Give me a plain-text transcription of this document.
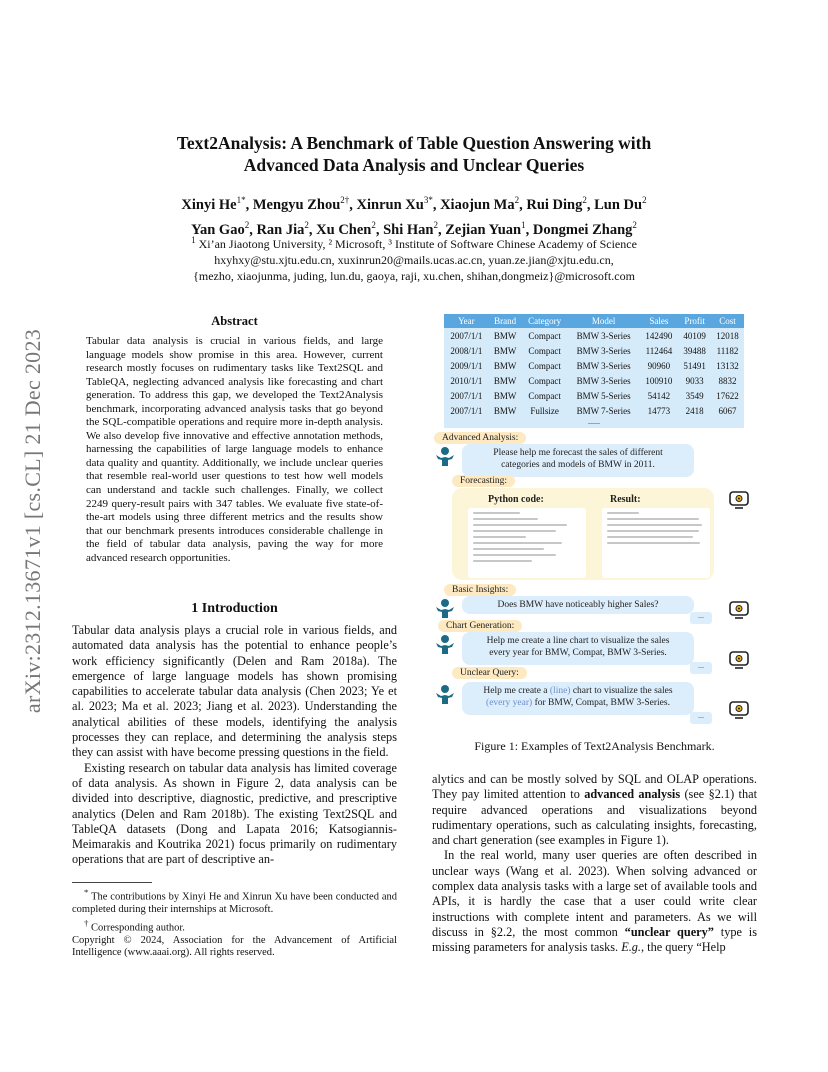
arXiv:2312.13671v1 [cs.CL] 21 Dec 2023
Text2Analysis: A Benchmark of Table Question Answering with
Advanced Data Analysis and Unclear Queries
Xinyi $He^{1*}$, Mengyu Zhou$^{2\dagger}$, Xinrun $Xu^{3*}$, Xiaojun Ma$^2$, Rui Ding$^2$, Lun Du$^2$
Yan Gao$^2$, Ran Jia$^2$, Xu Chen$^2$, Shi Han$^2$, Zejian Yuan$^1$, Dongmei Zhang$^2$
$^1$ Xi’an Jiaotong University, ² Microsoft, ³ Institute of Software Chinese Academy of Science
hxyhxy@stu.xjtu.edu.cn, xuxinrun20@mails.ucas.ac.cn, yuan.ze.jian@xjtu.edu.cn,
{mezho, xiaojunma, juding, lun.du, gaoya, raji, xu.chen, shihan,dongmeiz}@microsoft.com
Abstract
Tabular data analysis is crucial in various fields, and large language models show promise in this area. However, current research mostly focuses on rudimentary tasks like Text2SQL and TableQA, neglecting advanced analysis like forecasting and chart generation. To address this gap, we developed the Text2Analysis benchmark, incorporating advanced analysis tasks that go beyond the SQL-compatible operations and require more in-depth analysis. We also develop five innovative and effective annotation methods, harnessing the capabilities of large language models to enhance data quality and quantity. Additionally, we include unclear queries that resemble real-world user questions to test how well models can understand and tackle such challenges. Finally, we collect 2249 query-result pairs with 347 tables. We evaluate five state-of-the-art models using three different metrics and the results show that our benchmark presents introduces considerable challenge in the field of tabular data analysis, paving the way for more advanced research opportunities.
1 Introduction

Tabular data analysis plays a crucial role in various fields, and automated data analysis has the potential to enhance people’s work efficiency significantly (Delen and Ram 2018a). The emergence of large language models has shown promising capabilities to accelerate tabular data analysis (Chen 2023; Ye et al. 2023; Ma et al. 2023; Jiang et al. 2023). Understanding the analytical abilities of these models, identifying the analysis processes they can replace, and determining the analysis steps they can assist with have become pressing questions in the field.

Existing research on tabular data analysis has limited coverage of data analysis. As shown in Figure 2, data analysis can be divided into descriptive, diagnostic, predictive, and prescriptive analytics (Delen and Ram 2018b). The existing Text2SQL and TableQA datasets (Dong and Lapata 2016; Katsogiannis-Meimarakis and Koutrika 2021) focus primarily on rudimentary operations that are part of descriptive an-

* The contributions by Xinyi He and Xinrun Xu have been conducted and completed during their internships at Microsoft.

† Corresponding author.

Copyright © 2024, Association for the Advancement of Artificial Intelligence (www.aaai.org). All rights reserved.

alytics and can be mostly solved by SQL and OLAP operations. They pay limited attention to advanced analysis (see §2.1) that require advanced operations and visualizations beyond rudimentary operations, such as calculating insights, forecasting, and chart generation (see examples in Figure 1).

In the real world, many user queries are often described in unclear ways (Wang et al. 2023). When solving advanced or complex data analysis tasks with a large set of available tools and APIs, it is hardly the case that a user could write clear instructions with complete intent and parameters. As we will discuss in §2.2, the most common “unclear query” type is missing parameters for analysis tasks. E.g., the query “Help

Year	Brand	Category	Model	Sales	Profit	Cost
2007/1/1	BMW	Compact	BMW 3-Series	142490	40109	12018
2008/1/1	BMW	Compact	BMW 3-Series	112464	39488	11182
2009/1/1	BMW	Compact	BMW 3-Series	90960	51491	13132
2010/1/1	BMW	Compact	BMW 3-Series	100910	9033	8832
2007/1/1	BMW	Compact	BMW 5-Series	54142	3549	17622
2007/1/1	BMW	Fullsize	BMW 7-Series	14773	2418	6067
......
Advanced Analysis:
Please help me forecast the sales of different
categories and models of BMW in 2011.
Forecasting:
Python code:	Result:
Basic Insights:
Does BMW have noticeably higher Sales?
...
Chart Generation:
Help me create a line chart to visualize the sales
every year for BMW, Compat, BMW 3-Series.
...
Unclear Query:
Help me create a (line) chart to visualize the sales
(every year) for BMW, Compat, BMW 3-Series.
...
Figure 1: Examples of Text2Analysis Benchmark.
